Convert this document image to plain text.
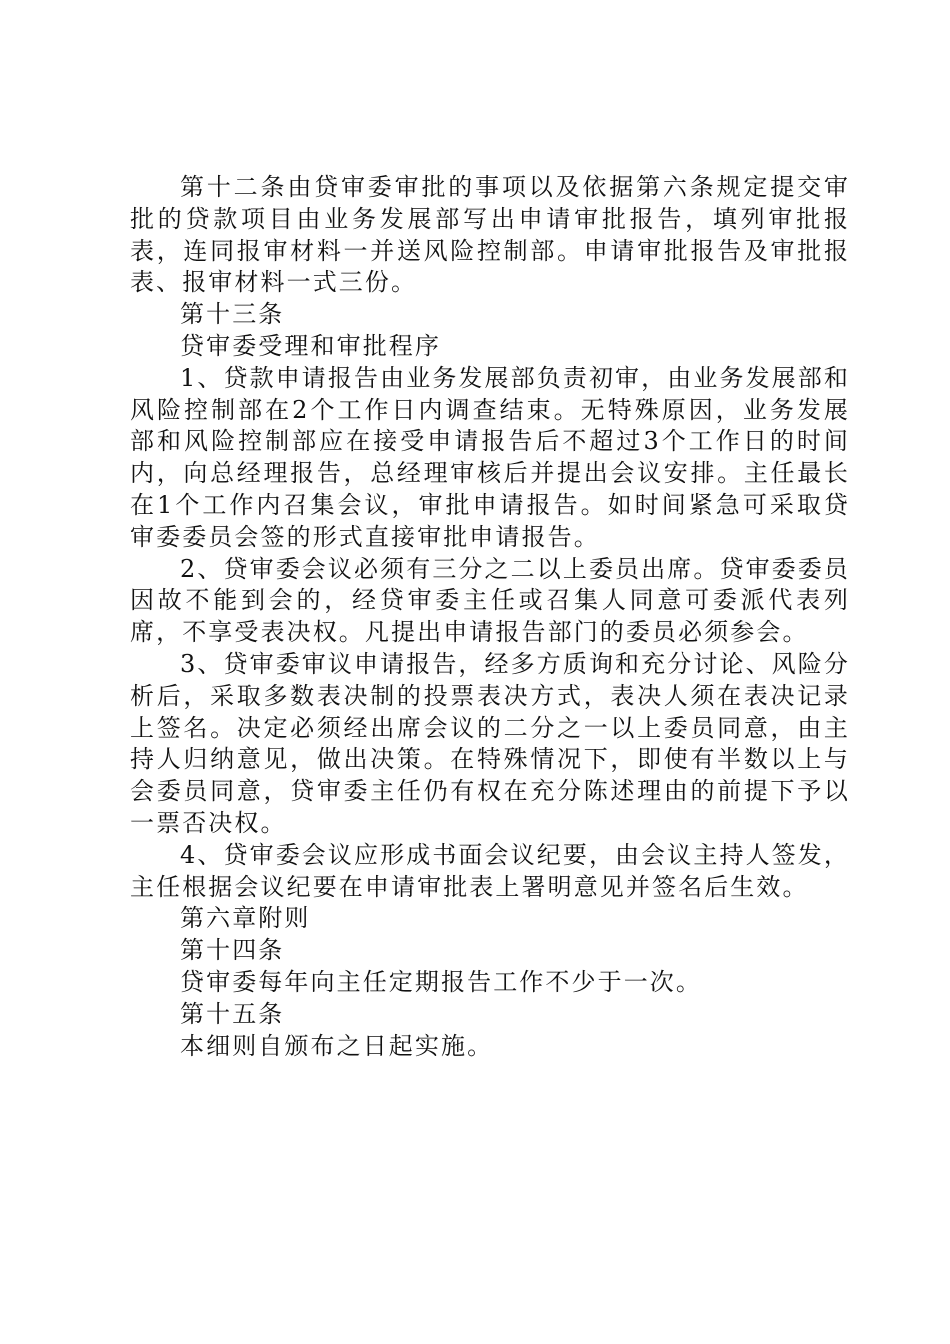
第十二条由贷审委审批的事项以及依据第六条规定提交审批的贷款项目由业务发展部写出申请审批报告，填列审批报表，连同报审材料一并送风险控制部。申请审批报告及审批报表、报审材料一式三份。

第十三条

贷审委受理和审批程序

1、贷款申请报告由业务发展部负责初审，由业务发展部和风险控制部在2个工作日内调查结束。无特殊原因，业务发展部和风险控制部应在接受申请报告后不超过3个工作日的时间内，向总经理报告，总经理审核后并提出会议安排。主任最长在1个工作内召集会议，审批申请报告。如时间紧急可采取贷审委委员会签的形式直接审批申请报告。

2、贷审委会议必须有三分之二以上委员出席。贷审委委员因故不能到会的，经贷审委主任或召集人同意可委派代表列席，不享受表决权。凡提出申请报告部门的委员必须参会。

3、贷审委审议申请报告，经多方质询和充分讨论、风险分析后，采取多数表决制的投票表决方式，表决人须在表决记录上签名。决定必须经出席会议的二分之一以上委员同意，由主持人归纳意见，做出决策。在特殊情况下，即使有半数以上与会委员同意，贷审委主任仍有权在充分陈述理由的前提下予以一票否决权。

4、贷审委会议应形成书面会议纪要，由会议主持人签发，主任根据会议纪要在申请审批表上署明意见并签名后生效。

第六章附则

第十四条

贷审委每年向主任定期报告工作不少于一次。

第十五条

本细则自颁布之日起实施。
